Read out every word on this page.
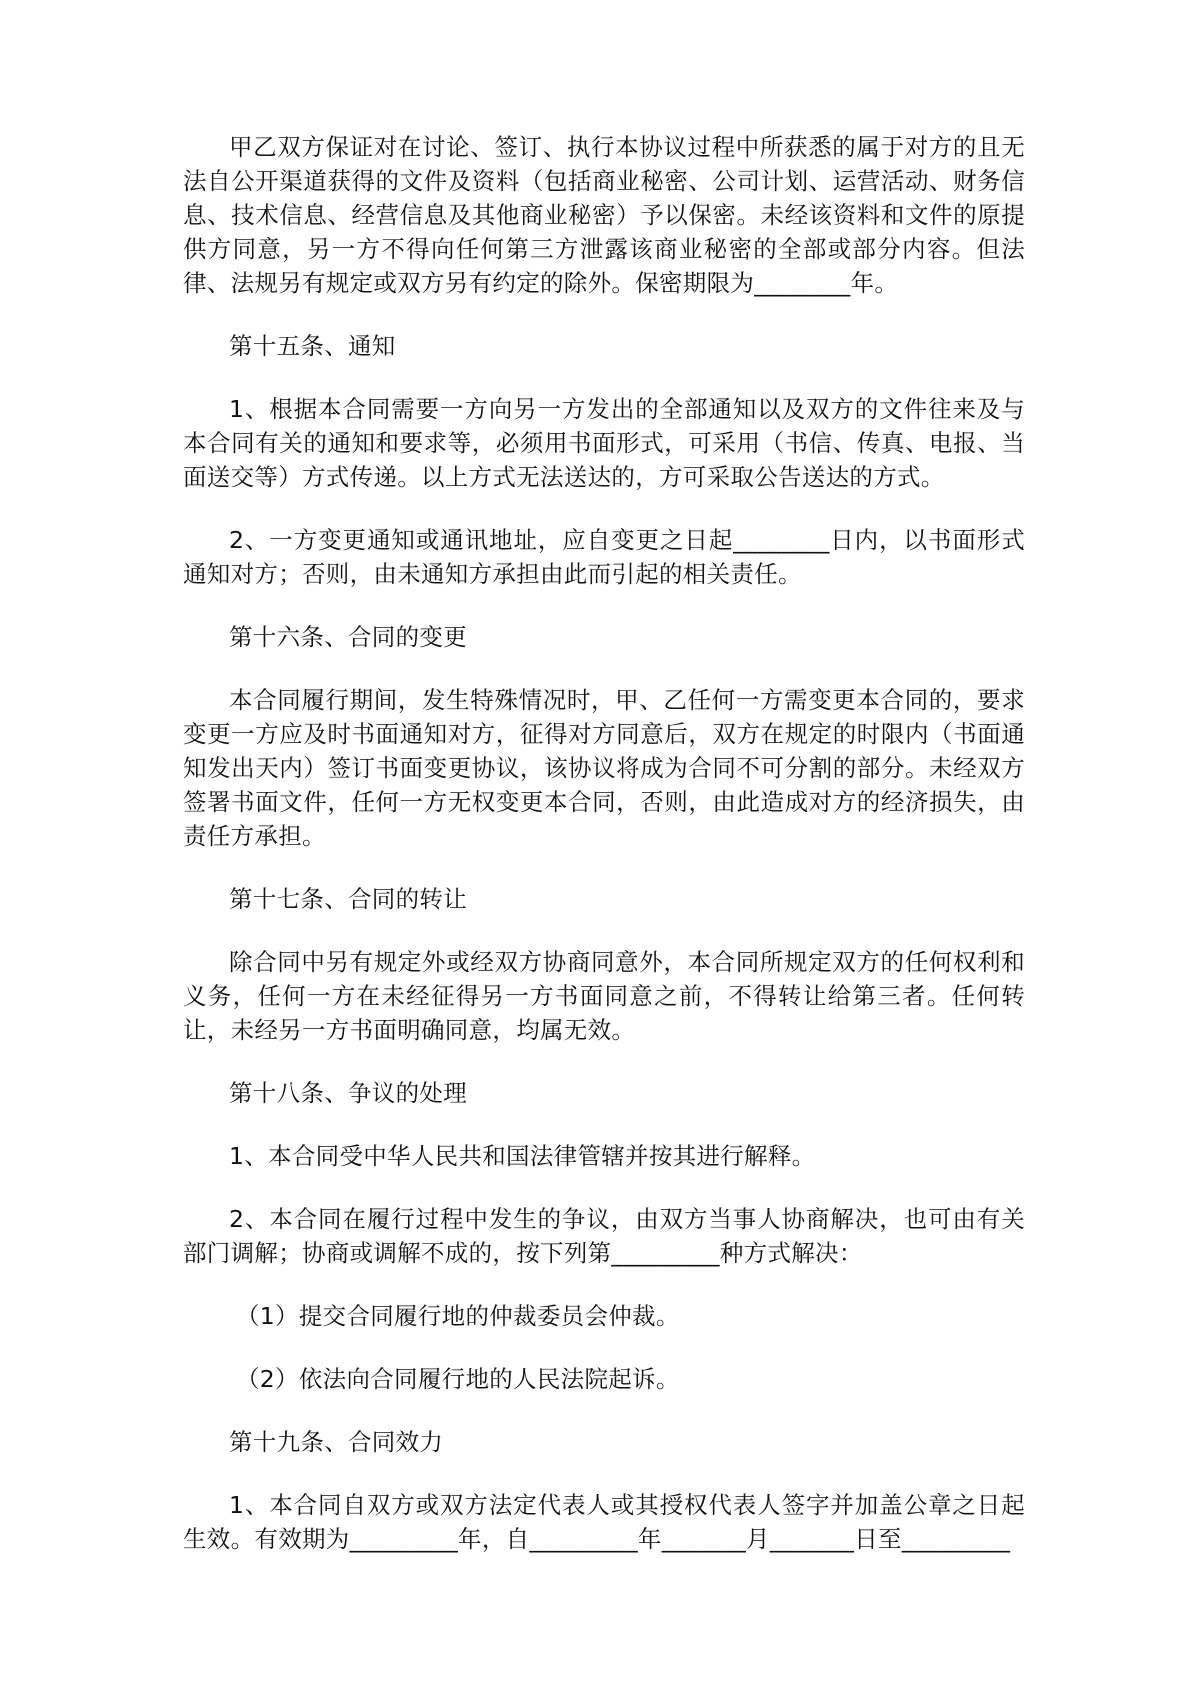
甲乙双方保证对在讨论、签订、执行本协议过程中所获悉的属于对方的且无法自公开渠道获得的文件及资料（包括商业秘密、公司计划、运营活动、财务信息、技术信息、经营信息及其他商业秘密）予以保密。未经该资料和文件的原提供方同意，另一方不得向任何第三方泄露该商业秘密的全部或部分内容。但法律、法规另有规定或双方另有约定的除外。保密期限为________年。

第十五条、通知

1、根据本合同需要一方向另一方发出的全部通知以及双方的文件往来及与本合同有关的通知和要求等，必须用书面形式，可采用（书信、传真、电报、当面送交等）方式传递。以上方式无法送达的，方可采取公告送达的方式。

2、一方变更通知或通讯地址，应自变更之日起________日内，以书面形式通知对方；否则，由未通知方承担由此而引起的相关责任。

第十六条、合同的变更

本合同履行期间，发生特殊情况时，甲、乙任何一方需变更本合同的，要求变更一方应及时书面通知对方，征得对方同意后，双方在规定的时限内（书面通知发出天内）签订书面变更协议，该协议将成为合同不可分割的部分。未经双方签署书面文件，任何一方无权变更本合同，否则，由此造成对方的经济损失，由责任方承担。

第十七条、合同的转让

除合同中另有规定外或经双方协商同意外，本合同所规定双方的任何权利和义务，任何一方在未经征得另一方书面同意之前，不得转让给第三者。任何转让，未经另一方书面明确同意，均属无效。

第十八条、争议的处理

1、本合同受中华人民共和国法律管辖并按其进行解释。

2、本合同在履行过程中发生的争议，由双方当事人协商解决，也可由有关部门调解；协商或调解不成的，按下列第_________种方式解决：

（1）提交合同履行地的仲裁委员会仲裁。

（2）依法向合同履行地的人民法院起诉。

第十九条、合同效力

1、本合同自双方或双方法定代表人或其授权代表人签字并加盖公章之日起生效。有效期为_________年，自_________年_______月_______日至_________
